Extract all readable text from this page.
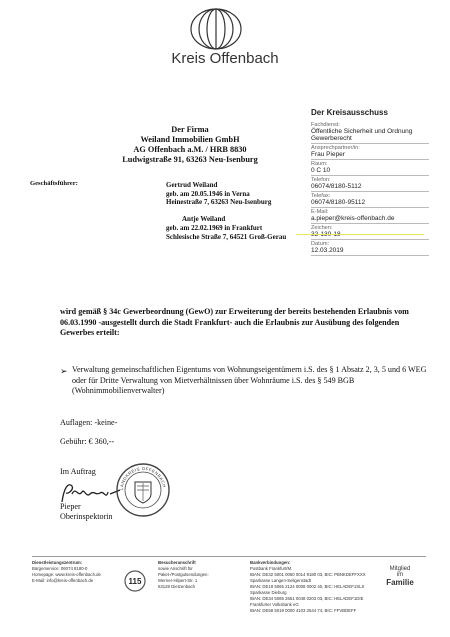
Kreis Offenbach
Der Kreisausschuss
Fachdienst:
Öffentliche Sicherheit und Ordnung
Gewerberecht
Ansprechpartner/in:
Frau Pieper
Raum:
0 C 10
Telefon:
06074/8180-5112
Telefax:
06074/8180-95112
E-Mail:
a.pieper@kreis-offenbach.de
Zeichen:
Datum:
12.03.2019
Der Firma
Weiland Immobilien GmbH
AG Offenbach a.M. / HRB 8830
Ludwigstraße 91, 63263 Neu-Isenburg
Geschäftsführer:	Gertrud Weiland
geb. am 20.05.1946 in Verna
Heinestraße 7, 63263 Neu-Isenburg
Antje Weiland
geb. am 22.02.1969 in Frankfurt
Schlesische Straße 7, 64521 Groß-Gerau
wird gemäß § 34c Gewerbeordnung (GewO) zur Erweiterung der bereits bestehenden Erlaubnis vom 06.03.1990 -ausgestellt durch die Stadt Frankfurt- auch die Erlaubnis zur Ausübung des folgenden Gewerbes erteilt:
➢ Verwaltung gemeinschaftlichen Eigentums von Wohnungseigentümern i.S. des § 1 Absatz 2, 3, 5 und 6 WEG oder für Dritte Verwaltung von Mietverhältnissen über Wohnräume i.S. des § 549 BGB (Wohnimmobilienverwalter)
Auflagen: -keine-
Gebühr: € 360,--
Im Auftrag
Pieper
Oberinspektorin
LANDKREIS OFFENBACH
Dienstleistungszentrum:
Bürgerservice: 06074 8180-0
Homepage: www.kreis-offenbach.de
E-Mail: info@kreis-offenbach.de	115
Besucheranschrift
sowie Anschrift für
Paket-/Postgutsendungen:
Werner-Hilpert-Str. 1
63128 Dietzenbach
Bankverbindungen:
Postbank Frankfurt/M.
IBAN: DE32 5001 0060 0014 9180 03, BIC: PBNKDEFFXXX
Sparkasse Langen-Seligenstadt
IBAN: DE18 5065 2124 0008 0002 40, BIC: HELADEF1SLS
Sparkasse Dieburg
IBAN: DE34 5085 2651 0048 0203 03, BIC: HELADEF1DIE
Frankfurter Volksbank eG
IBAN: DE58 5019 0000 4103 2544 74, BIC: FFVBDEFF
Mitglied
im
Familie
